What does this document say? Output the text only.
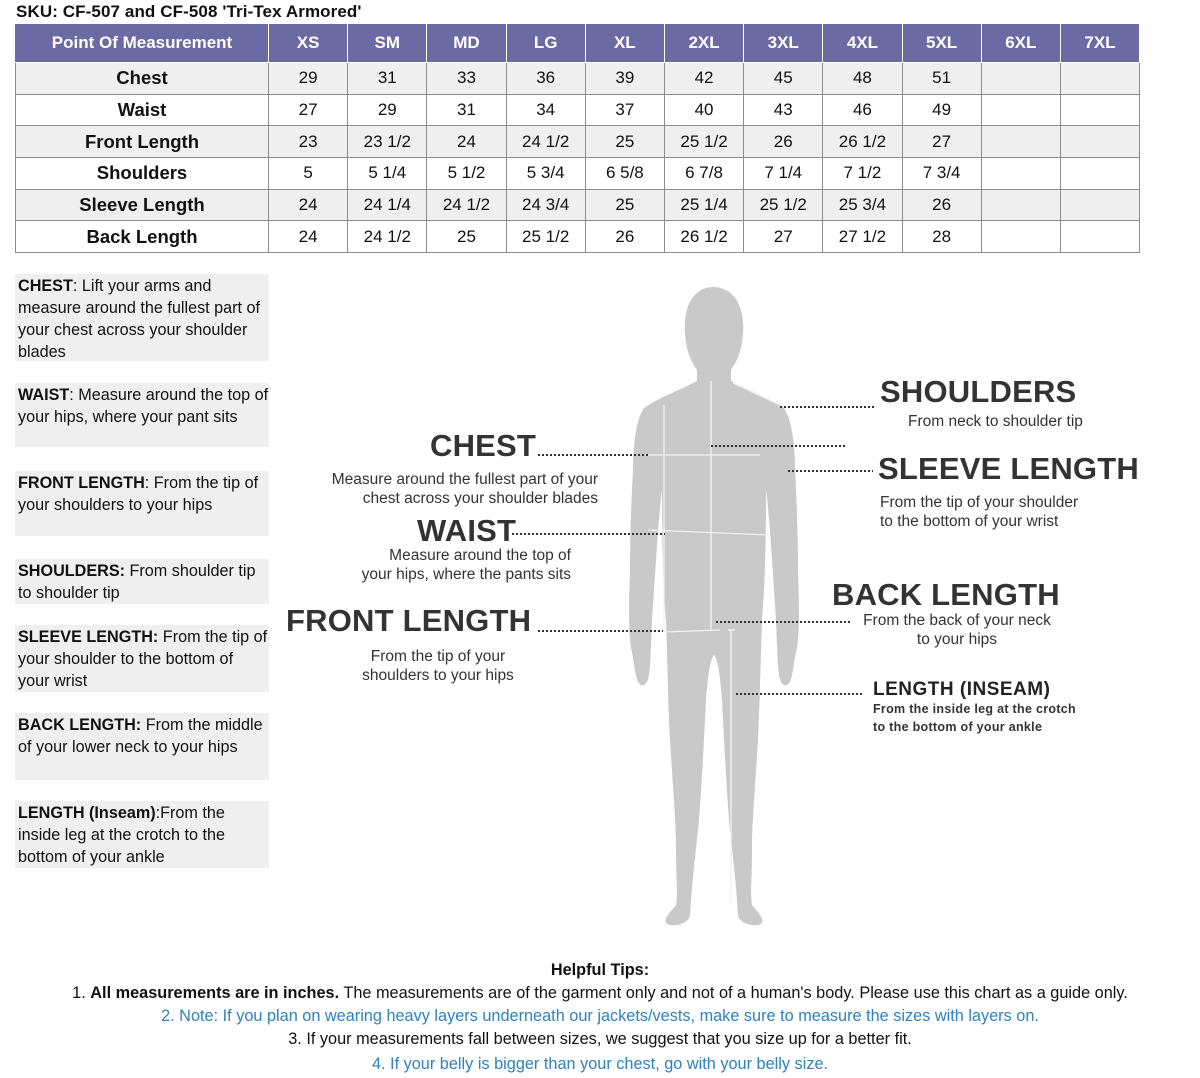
SKU: CF-507 and CF-508 'Tri-Tex Armored'
Point Of Measurement	XS	SM	MD	LG	XL	2XL	3XL	4XL	5XL	6XL	7XL
Chest	29	31	33	36	39	42	45	48	51		
Waist	27	29	31	34	37	40	43	46	49		
Front Length	23	23 1/2	24	24 1/2	25	25 1/2	26	26 1/2	27		
Shoulders	5	5 1/4	5 1/2	5 3/4	6 5/8	6 7/8	7 1/4	7 1/2	7 3/4		
Sleeve Length	24	24 1/4	24 1/2	24 3/4	25	25 1/4	25 1/2	25 3/4	26		
Back Length	24	24 1/2	25	25 1/2	26	26 1/2	27	27 1/2	28		
CHEST: Lift your arms and measure around the fullest part of your chest across your shoulder blades
WAIST: Measure around the top of your hips, where your pant sits
FRONT LENGTH: From the tip of your shoulders to your hips
SHOULDERS: From shoulder tip to shoulder tip
SLEEVE LENGTH: From the tip of your shoulder to the bottom of your wrist
BACK LENGTH: From the middle of your lower neck to your hips
LENGTH (Inseam):From the inside leg at the crotch to the bottom of your ankle
CHEST
Measure around the fullest part of your
chest across your shoulder blades
WAIST
Measure around the top of
your hips, where the pants sits
FRONT LENGTH
From the tip of your
shoulders to your hips
SHOULDERS
From neck to shoulder tip
SLEEVE LENGTH
From the tip of your shoulder
to the bottom of your wrist
BACK LENGTH
From the back of your neck
to your hips
LENGTH (INSEAM)
From the inside leg at the crotch
to the bottom of your ankle
Helpful Tips:
1. All measurements are in inches. The measurements are of the garment only and not of a human's body. Please use this chart as a guide only.
2. Note: If you plan on wearing heavy layers underneath our jackets/vests, make sure to measure the sizes with layers on.
3. If your measurements fall between sizes, we suggest that you size up for a better fit.
4. If your belly is bigger than your chest, go with your belly size.
